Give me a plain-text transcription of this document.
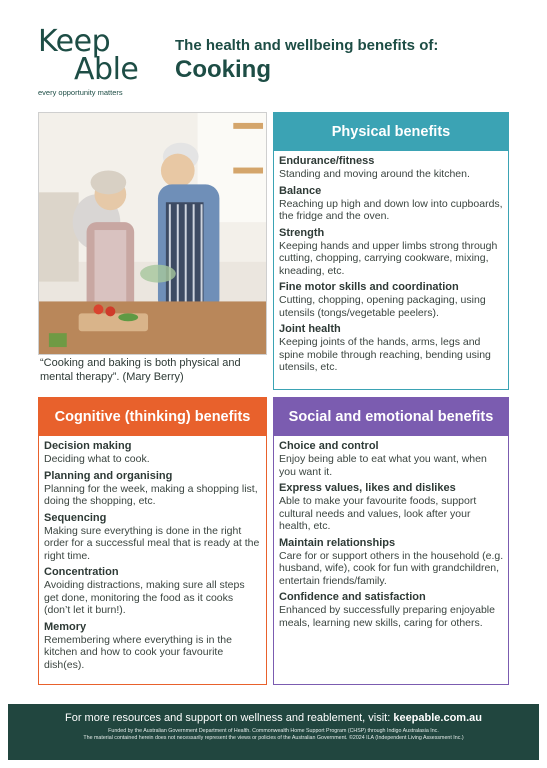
Keep
Able
every opportunity matters
The health and wellbeing benefits of:
Cooking
“Cooking and baking is both physical and mental therapy”. (Mary Berry)
Physical benefits
Endurance/fitness
Standing and moving around the kitchen.
Balance
Reaching up high and down low into cupboards, the fridge and the oven.
Strength
Keeping hands and upper limbs strong through cutting, chopping, carrying cookware, mixing, kneading, etc.
Fine motor skills and coordination
Cutting, chopping, opening packaging, using utensils (tongs/vegetable peelers).
Joint health
Keeping joints of the hands, arms, legs and spine mobile through reaching, bending using utensils, etc.
Cognitive (thinking) benefits
Decision making
Deciding what to cook.
Planning and organising
Planning for the week, making a shopping list, doing the shopping, etc.
Sequencing
Making sure everything is done in the right order for a successful meal that is ready at the right time.
Concentration
Avoiding distractions, making sure all steps get done, monitoring the food as it cooks (don’t let it burn!).
Memory
Remembering where everything is in the kitchen and how to cook your favourite dish(es).
Social and emotional benefits
Choice and control
Enjoy being able to eat what you want, when you want it.
Express values, likes and dislikes
Able to make your favourite foods, support cultural needs and values, look after your health, etc.
Maintain relationships
Care for or support others in the household (e.g. husband, wife), cook for fun with grandchildren, entertain friends/family.
Confidence and satisfaction
Enhanced by successfully preparing enjoyable meals, learning new skills, caring for others.
For more resources and support on wellness and reablement, visit: keepable.com.au
Funded by the Australian Government Department of Health. Commonwealth Home Support Program (CHSP) through Indigo Australasia Inc.
The material contained herein does not necessarily represent the views or policies of the Australian Government. ©2024 ILA (Independent Living Assessment Inc.)
